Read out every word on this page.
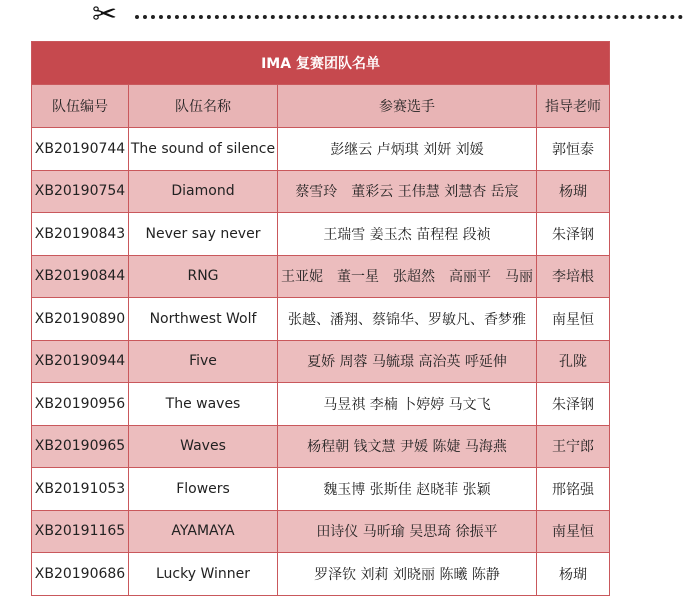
✂
IMA 复赛团队名单			
队伍编号	队伍名称	参赛选手	指导老师
XB20190744	The sound of silence	彭继云 卢炳琪 刘妍 刘媛	郭恒泰
XB20190754	Diamond	蔡雪玲　董彩云 王伟慧 刘慧杏 岳宸	杨瑚
XB20190843	Never say never	王瑞雪 姜玉杰 苗程程 段祯	朱泽钢
XB20190844	RNG	王亚妮　董一星　张超然　高丽平　马丽	李培根
XB20190890	Northwest Wolf	张越、潘翔、蔡锦华、罗敏凡、香梦雅	南星恒
XB20190944	Five	夏娇 周蓉 马毓璟 高治英 呼延伸	孔陇
XB20190956	The waves	马昱祺 李楠 卜婷婷 马文飞	朱泽钢
XB20190965	Waves	杨程朝 钱文慧 尹媛 陈婕 马海燕	王宁郎
XB20191053	Flowers	魏玉博 张斯佳 赵晓菲 张颖	邢铭强
XB20191165	AYAMAYA	田诗仪 马昕瑜 吴思琦 徐振平	南星恒
XB20190686	Lucky Winner	罗泽钦 刘莉 刘晓丽 陈曦 陈静	杨瑚
